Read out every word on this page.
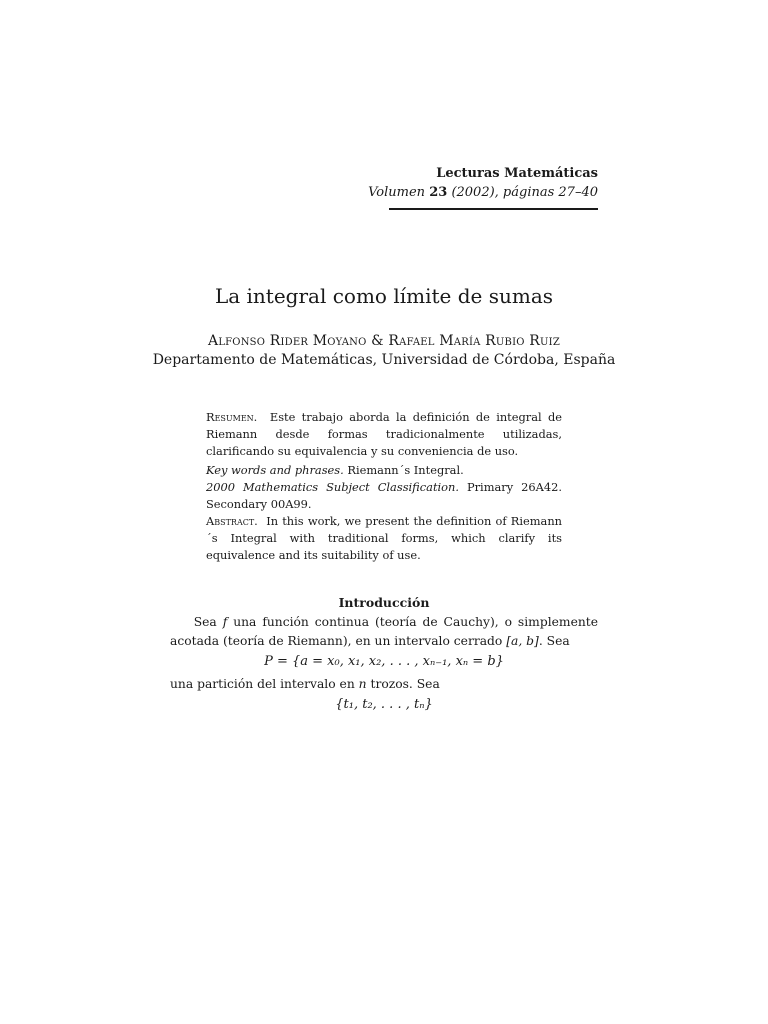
Lecturas Matemáticas
Volumen 23 (2002), páginas 27–40
La integral como límite de sumas
Alfonso Rider Moyano & Rafael María Rubio Ruiz
Departamento de Matemáticas, Universidad de Córdoba, España

Resumen. Este trabajo aborda la definición de integral de Riemann desde formas tradicionalmente utilizadas, clarificando su equivalencia y su conveniencia de uso.

Key words and phrases. Riemann´s Integral.

2000 Mathematics Subject Classification. Primary 26A42. Secondary 00A99.

Abstract. In this work, we present the definition of Riemann´s Integral with traditional forms, which clarify its equivalence and its suitability of use.

Introducción
Sea f una función continua (teoría de Cauchy), o simplemente acotada (teoría de Riemann), en un intervalo cerrado [a, b]. Sea
P = {a = x₀, x₁, x₂, . . . , xₙ₋₁, xₙ = b}
una partición del intervalo en n trozos. Sea
{t₁, t₂, . . . , tₙ}
